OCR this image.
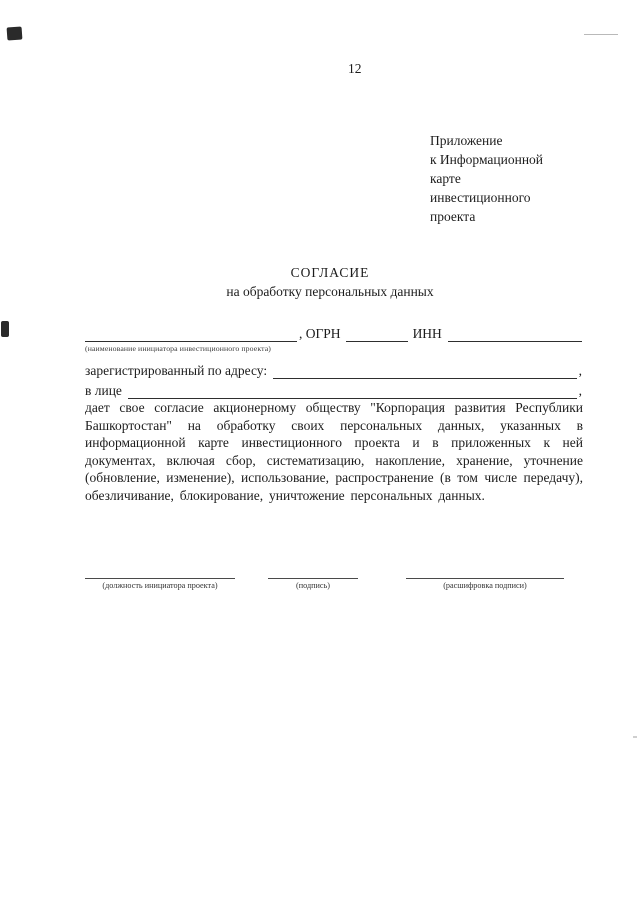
12
Приложение
к Информационной
карте
инвестиционного
проекта
СОГЛАСИЕ
на обработку персональных данных
, ОГРН	ИНН
(наименование инициатора инвестиционного проекта)
зарегистрированный по адресу:	,
в лице	,
дает свое согласие акционерному обществу "Корпорация развития Республики Башкортостан" на обработку своих персональных данных, указанных в информационной карте инвестиционного проекта и в приложенных к ней документах, включая сбор, систематизацию, накопление, хранение, уточнение (обновление, изменение), использование, распространение (в том числе передачу), обезличивание, блокирование, уничтожение персональных данных.
(должность инициатора проекта)	(подпись)	(расшифровка подписи)
